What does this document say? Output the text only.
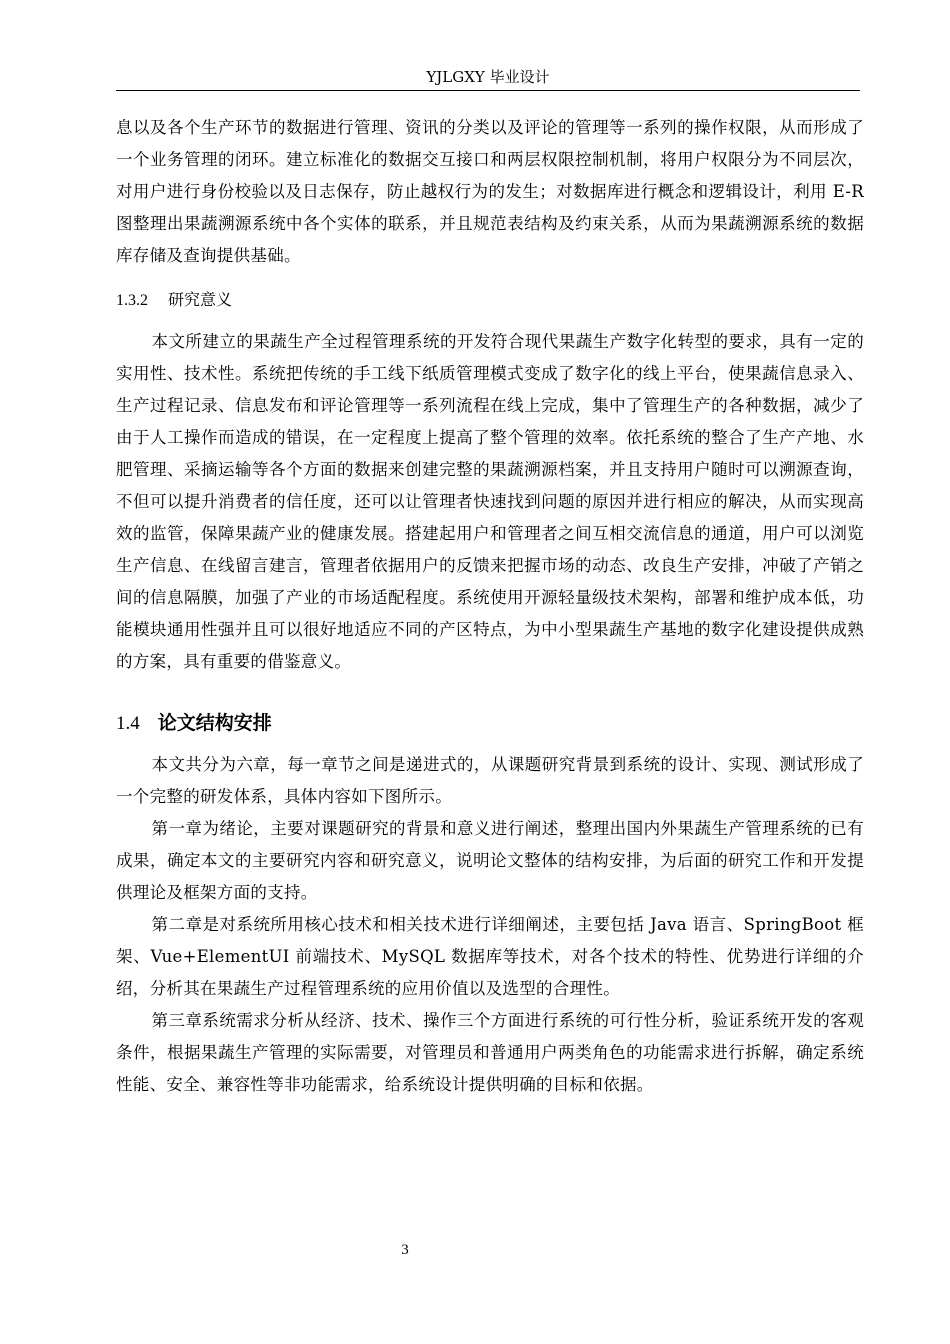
YJLGXY 毕业设计

息以及各个生产环节的数据进行管理、资讯的分类以及评论的管理等一系列的操作权限，从而形成了一个业务管理的闭环。建立标准化的数据交互接口和两层权限控制机制，将用户权限分为不同层次，对用户进行身份校验以及日志保存，防止越权行为的发生；对数据库进行概念和逻辑设计，利用 E-R 图整理出果蔬溯源系统中各个实体的联系，并且规范表结构及约束关系，从而为果蔬溯源系统的数据库存储及查询提供基础。

1.3.2 研究意义

本文所建立的果蔬生产全过程管理系统的开发符合现代果蔬生产数字化转型的要求，具有一定的实用性、技术性。系统把传统的手工线下纸质管理模式变成了数字化的线上平台，使果蔬信息录入、生产过程记录、信息发布和评论管理等一系列流程在线上完成，集中了管理生产的各种数据，减少了由于人工操作而造成的错误，在一定程度上提高了整个管理的效率。依托系统的整合了生产产地、水肥管理、采摘运输等各个方面的数据来创建完整的果蔬溯源档案，并且支持用户随时可以溯源查询，不但可以提升消费者的信任度，还可以让管理者快速找到问题的原因并进行相应的解决，从而实现高效的监管，保障果蔬产业的健康发展。搭建起用户和管理者之间互相交流信息的通道，用户可以浏览生产信息、在线留言建言，管理者依据用户的反馈来把握市场的动态、改良生产安排，冲破了产销之间的信息隔膜，加强了产业的市场适配程度。系统使用开源轻量级技术架构，部署和维护成本低，功能模块通用性强并且可以很好地适应不同的产区特点，为中小型果蔬生产基地的数字化建设提供成熟的方案，具有重要的借鉴意义。

1.4 论文结构安排

本文共分为六章，每一章节之间是递进式的，从课题研究背景到系统的设计、实现、测试形成了一个完整的研发体系，具体内容如下图所示。

第一章为绪论，主要对课题研究的背景和意义进行阐述，整理出国内外果蔬生产管理系统的已有成果，确定本文的主要研究内容和研究意义，说明论文整体的结构安排，为后面的研究工作和开发提供理论及框架方面的支持。

第二章是对系统所用核心技术和相关技术进行详细阐述，主要包括 Java 语言、SpringBoot 框架、Vue+ElementUI 前端技术、MySQL 数据库等技术，对各个技术的特性、优势进行详细的介绍，分析其在果蔬生产过程管理系统的应用价值以及选型的合理性。

第三章系统需求分析从经济、技术、操作三个方面进行系统的可行性分析，验证系统开发的客观条件，根据果蔬生产管理的实际需要，对管理员和普通用户两类角色的功能需求进行拆解，确定系统性能、安全、兼容性等非功能需求，给系统设计提供明确的目标和依据。

3
